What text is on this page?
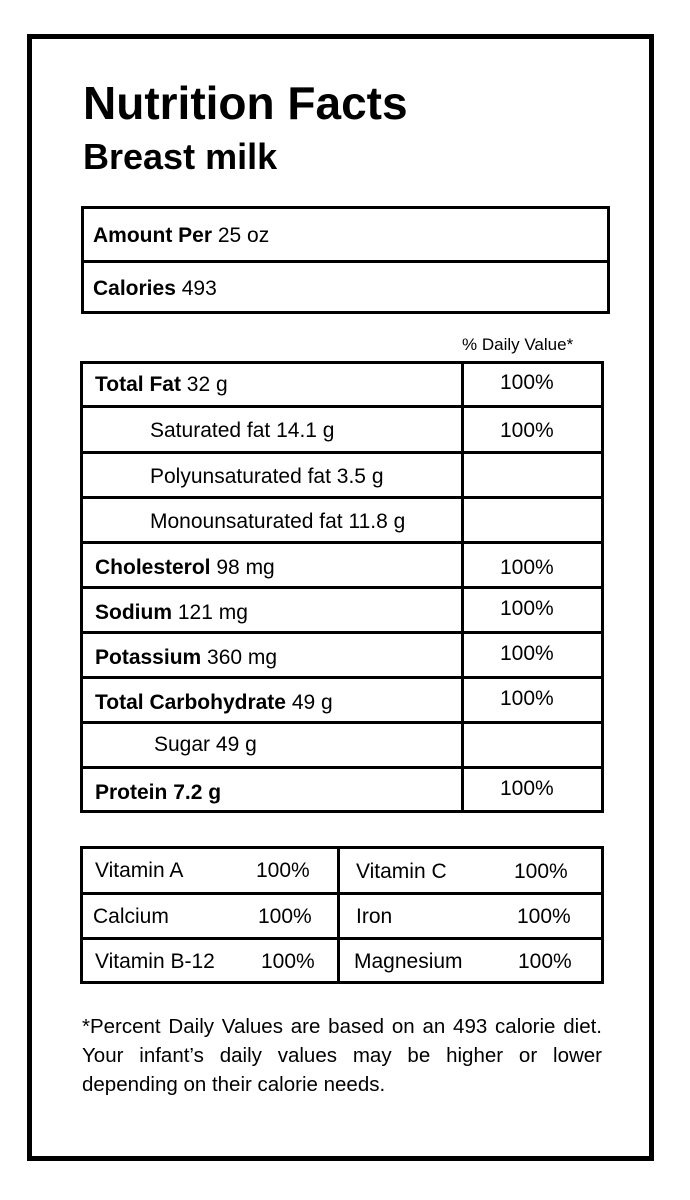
Nutrition Facts
Breast milk
Amount Per 25 oz
Calories 493
% Daily Value*
Total Fat 32 g	100%
Saturated fat 14.1 g	100%
Polyunsaturated fat 3.5 g
Monounsaturated fat 11.8 g
Cholesterol 98 mg	100%
Sodium 121 mg	100%
Potassium 360 mg	100%
Total Carbohydrate 49 g	100%
Sugar 49 g
Protein 7.2 g	100%
Vitamin A	100% Vitamin C	100%
Calcium	100% Iron	100%
Vitamin B-12 100% Magnesium	100%
*Percent Daily Values are based on an 493 calorie diet. Your infant’s daily values may be higher or lower depending on their calorie needs.
